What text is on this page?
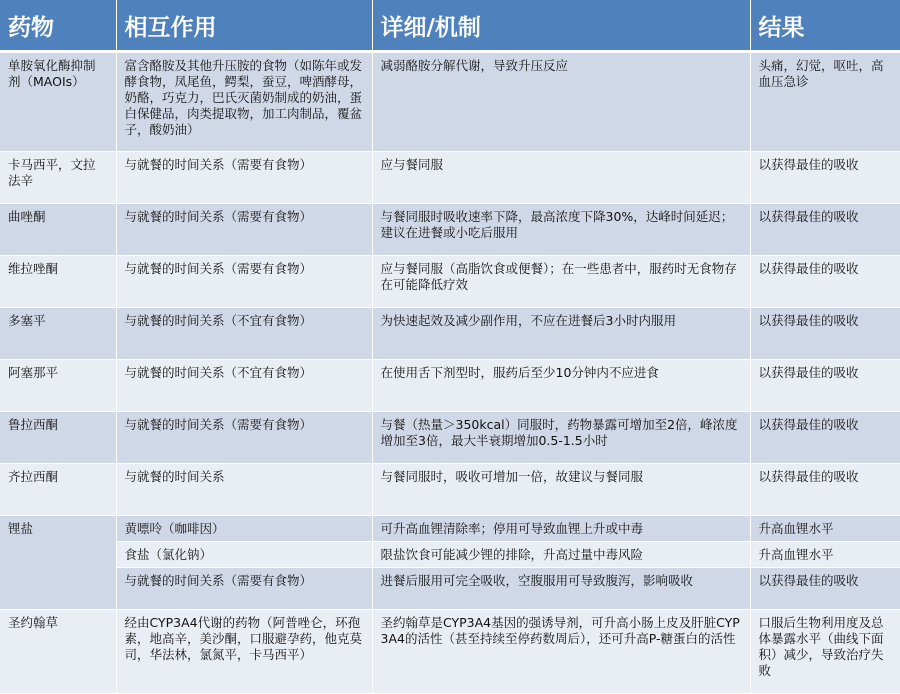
药物	相互作用	详细/机制	结果
单胺氧化酶抑制剂（MAOIs）	富含酪胺及其他升压胺的食物（如陈年或发酵食物，凤尾鱼，鳄梨，蚕豆，啤酒酵母，奶酪，巧克力，巴氏灭菌奶制成的奶油，蛋白保健品，肉类提取物，加工肉制品，覆盆子，酸奶油）	减弱酪胺分解代谢，导致升压反应	头痛，幻觉，呕吐，高血压急诊
卡马西平，文拉法辛	与就餐的时间关系（需要有食物）	应与餐同服	以获得最佳的吸收
曲唑酮	与就餐的时间关系（需要有食物）	与餐同服时吸收速率下降，最高浓度下降30%，达峰时间延迟；建议在进餐或小吃后服用	以获得最佳的吸收
维拉唑酮	与就餐的时间关系（需要有食物）	应与餐同服（高脂饮食或便餐）；在一些患者中，服药时无食物存在可能降低疗效	以获得最佳的吸收
多塞平	与就餐的时间关系（不宜有食物）	为快速起效及减少副作用，不应在进餐后3小时内服用	以获得最佳的吸收
阿塞那平	与就餐的时间关系（不宜有食物）	在使用舌下剂型时，服药后至少10分钟内不应进食	以获得最佳的吸收
鲁拉西酮	与就餐的时间关系（需要有食物）	与餐（热量＞350kcal）同服时，药物暴露可增加至2倍，峰浓度增加至3倍，最大半衰期增加0.5-1.5小时	以获得最佳的吸收
齐拉西酮	与就餐的时间关系	与餐同服时，吸收可增加一倍，故建议与餐同服	以获得最佳的吸收
锂盐	黄嘌呤（咖啡因）	可升高血锂清除率；停用可导致血锂上升或中毒	升高血锂水平
	食盐（氯化钠）	限盐饮食可能减少锂的排除，升高过量中毒风险	升高血锂水平
	与就餐的时间关系（需要有食物）	进餐后服用可完全吸收，空腹服用可导致腹泻，影响吸收	以获得最佳的吸收
圣约翰草	经由CYP3A4代谢的药物（阿普唑仑，环孢素，地高辛，美沙酮，口服避孕药，他克莫司，华法林，氯氮平，卡马西平）	圣约翰草是CYP3A4基因的强诱导剂，可升高小肠上皮及肝脏CYP3A4的活性（甚至持续至停药数周后），还可升高P-糖蛋白的活性	口服后生物利用度及总体暴露水平（曲线下面积）减少，导致治疗失败
